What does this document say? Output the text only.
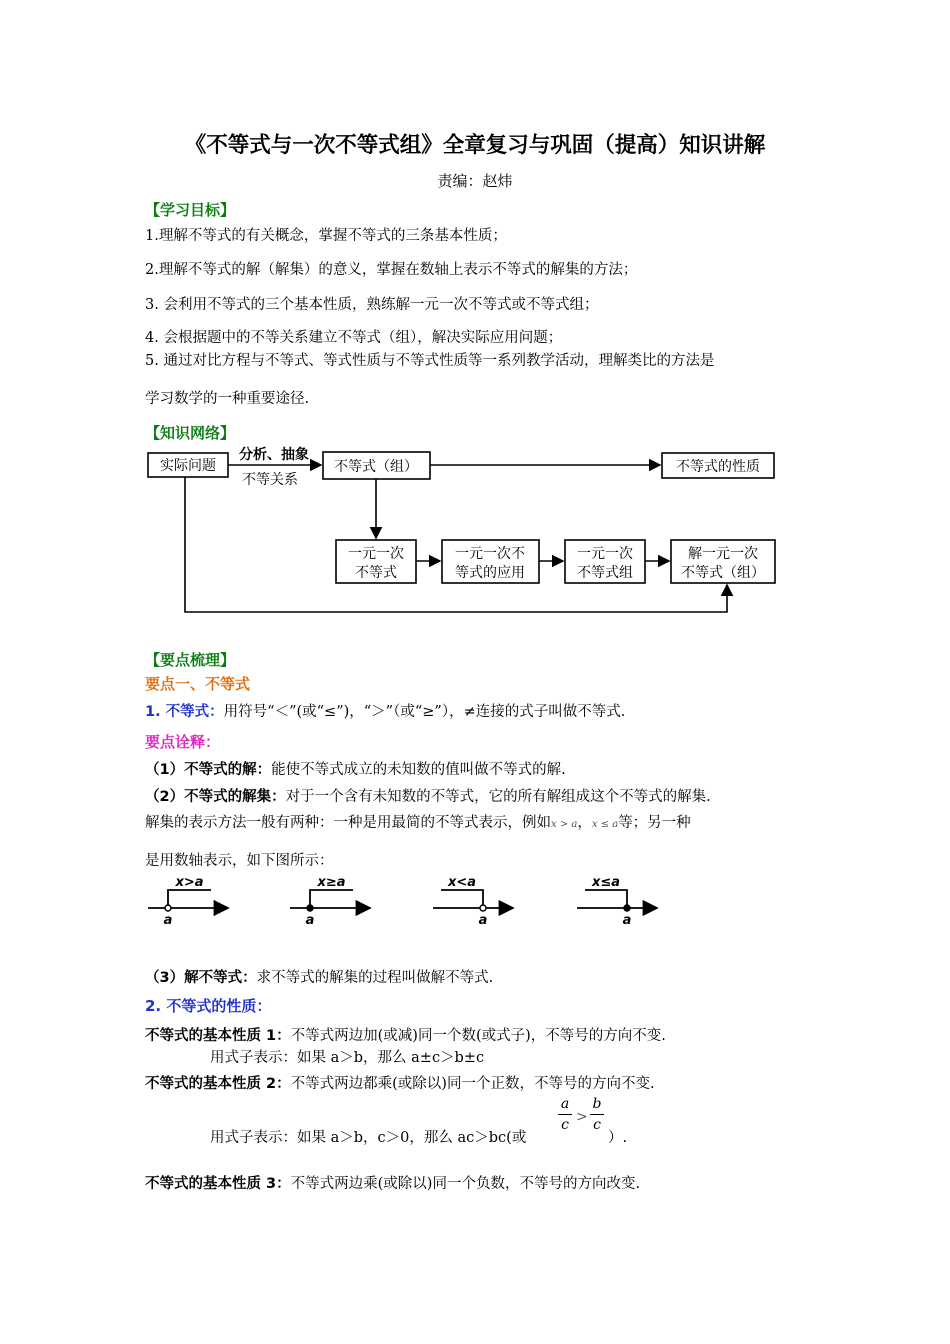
《不等式与一次不等式组》全章复习与巩固（提高）知识讲解
责编：赵炜
【学习目标】
1.理解不等式的有关概念，掌握不等式的三条基本性质；
2.理解不等式的解（解集）的意义，掌握在数轴上表示不等式的解集的方法；
3. 会利用不等式的三个基本性质，熟练解一元一次不等式或不等式组；
4. 会根据题中的不等关系建立不等式（组），解决实际应用问题；
5. 通过对比方程与不等式、等式性质与不等式性质等一系列教学活动，理解类比的方法是
学习数学的一种重要途径.
【知识网络】
实际问题	不等式（组）	不等式的性质
一元一次
不等式
一元一次不
等式的应用
一元一次
不等式组
解一元一次
不等式（组）
分析、抽象
不等关系
【要点梳理】
要点一、不等式
1. 不等式：用符号“＜”(或“≤”)，“＞”（或“≥”），≠连接的式子叫做不等式.
要点诠释：
（1）不等式的解：能使不等式成立的未知数的值叫做不等式的解.
（2）不等式的解集：对于一个含有未知数的不等式，它的所有解组成这个不等式的解集.
解集的表示方法一般有两种：一种是用最简的不等式表示，例如x > a，x ≤ a等；另一种
是用数轴表示，如下图所示：
x>a
a
x≥a
a
x<a
a
x≤a
a
（3）解不等式：求不等式的解集的过程叫做解不等式.
2. 不等式的性质：
不等式的基本性质 1：不等式两边加(或减)同一个数(或式子)，不等号的方向不变.
用式子表示：如果 a＞b，那么 a±c＞b±c
不等式的基本性质 2：不等式两边都乘(或除以)同一个正数，不等号的方向不变.
用式子表示：如果 a＞b，c＞0，那么 ac＞bc(或
a
c >
b
c
）.
不等式的基本性质 3：不等式两边乘(或除以)同一个负数，不等号的方向改变.
